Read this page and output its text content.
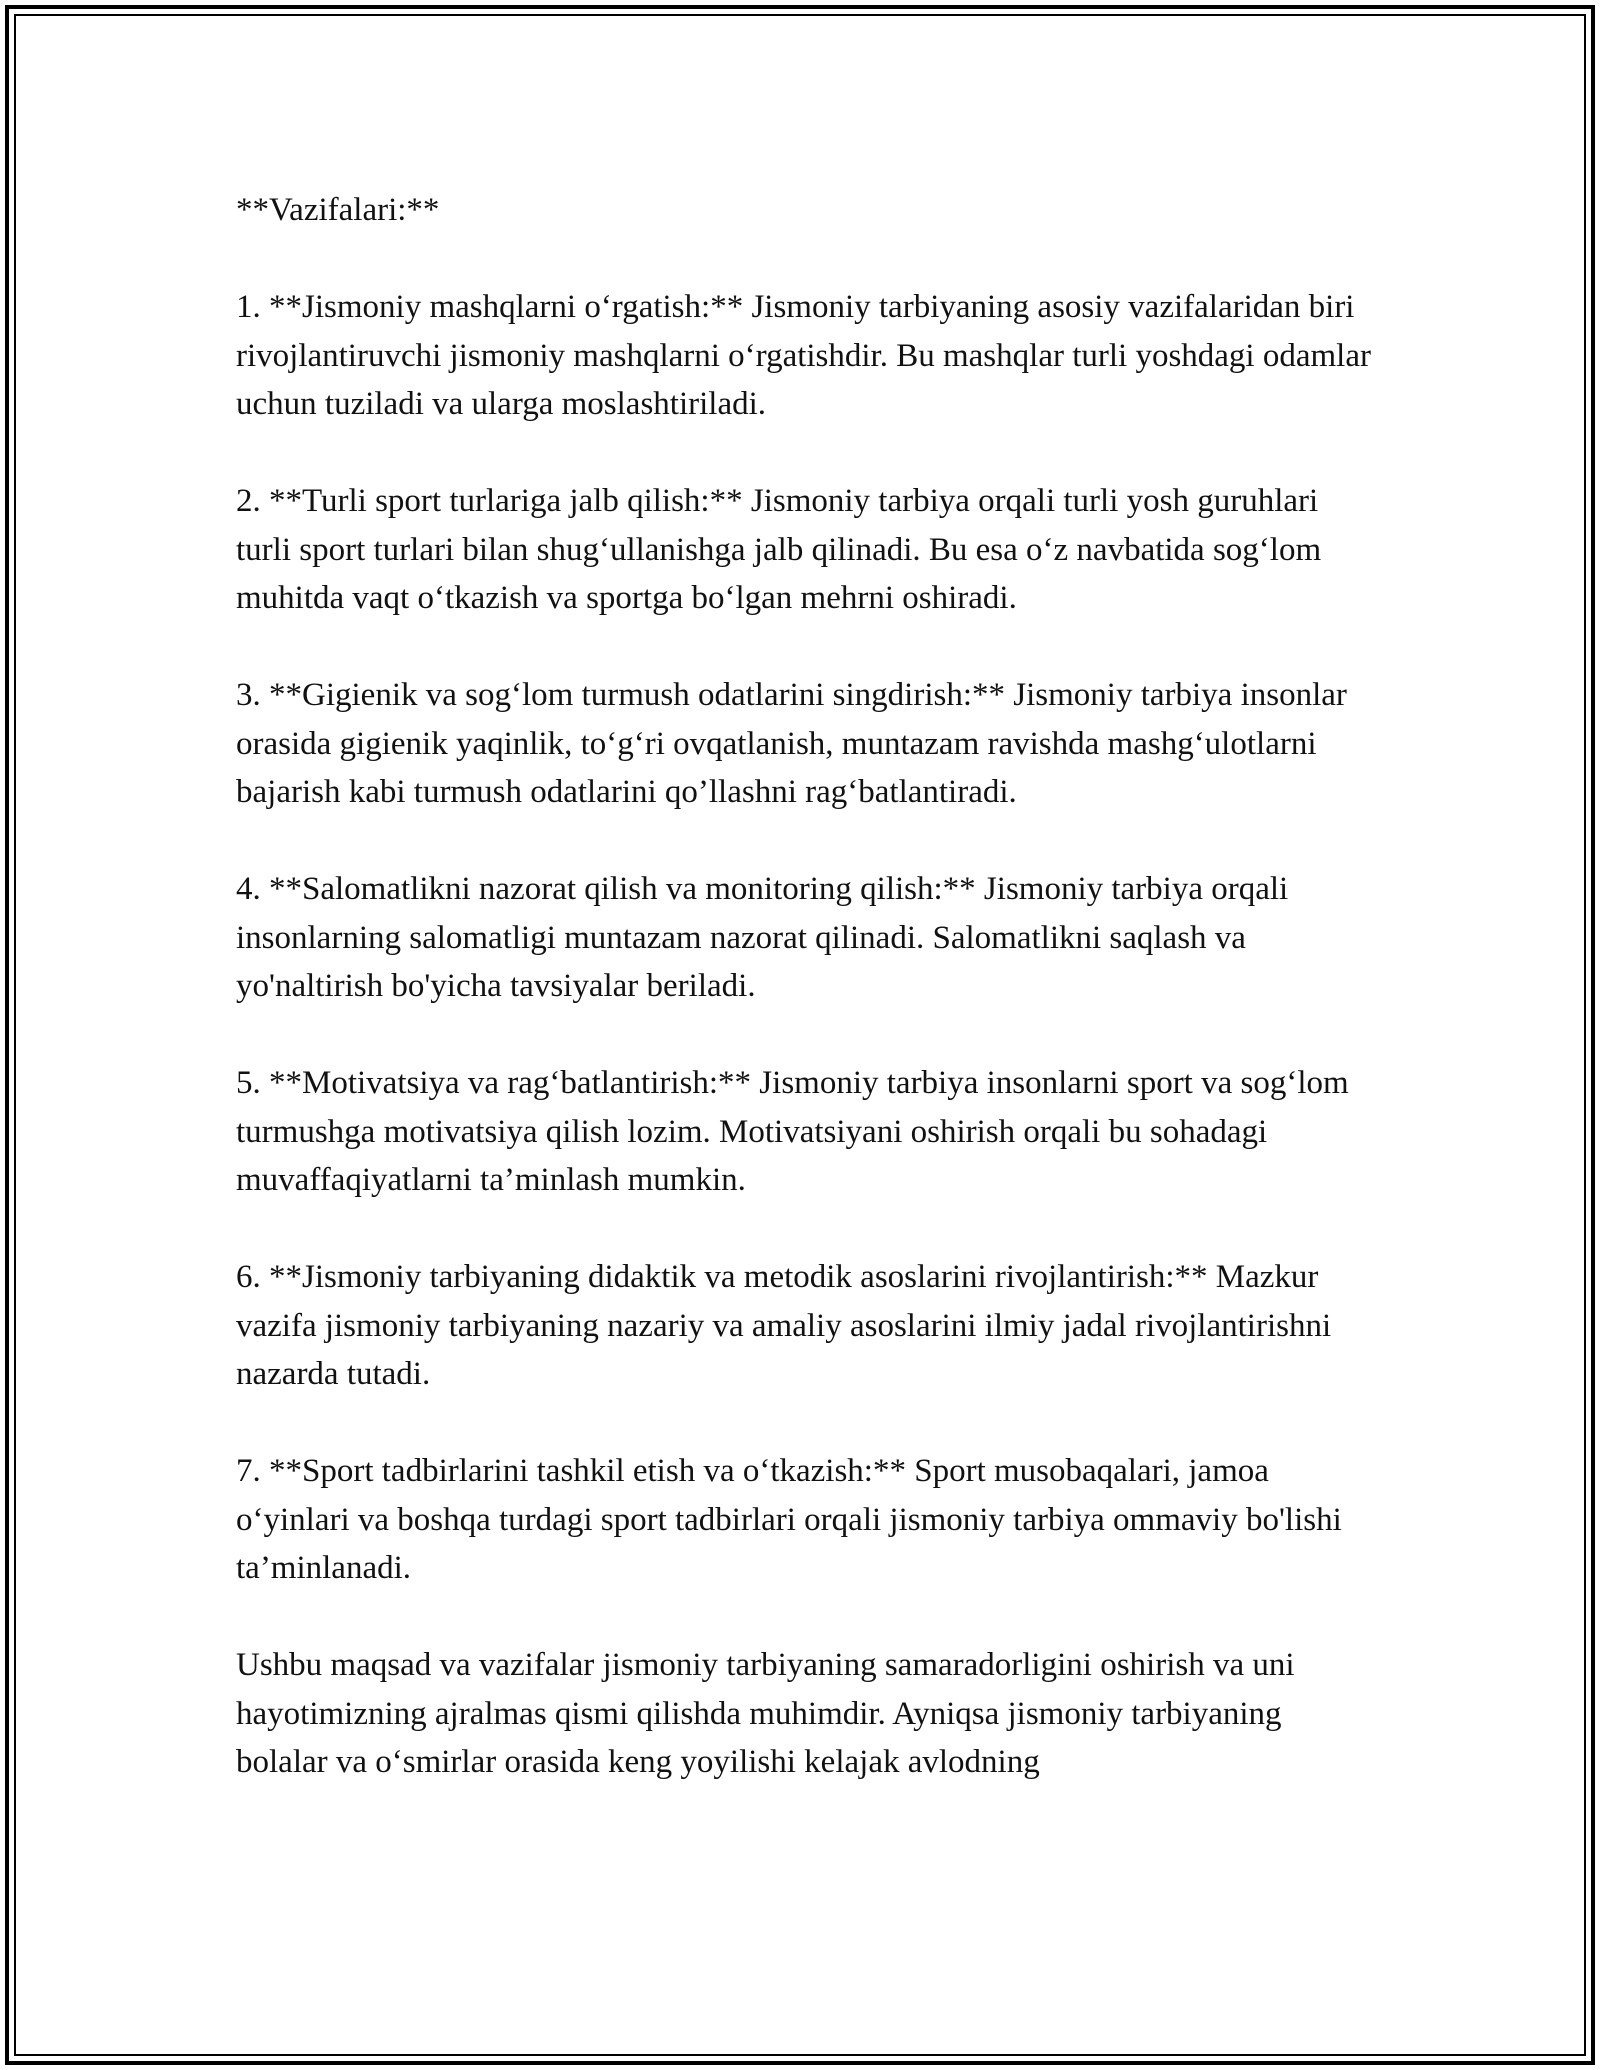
**Vazifalari:**

1. **Jismoniy mashqlarni o‘rgatish:** Jismoniy tarbiyaning asosiy vazifalaridan biri rivojlantiruvchi jismoniy mashqlarni o‘rgatishdir. Bu mashqlar turli yoshdagi odamlar uchun tuziladi va ularga moslashtiriladi.

2. **Turli sport turlariga jalb qilish:** Jismoniy tarbiya orqali turli yosh guruhlari turli sport turlari bilan shug‘ullanishga jalb qilinadi. Bu esa o‘z navbatida sog‘lom muhitda vaqt o‘tkazish va sportga bo‘lgan mehrni oshiradi.

3. **Gigienik va sog‘lom turmush odatlarini singdirish:** Jismoniy tarbiya insonlar orasida gigienik yaqinlik, to‘g‘ri ovqatlanish, muntazam ravishda mashg‘ulotlarni bajarish kabi turmush odatlarini qo’llashni rag‘batlantiradi.

4. **Salomatlikni nazorat qilish va monitoring qilish:** Jismoniy tarbiya orqali insonlarning salomatligi muntazam nazorat qilinadi. Salomatlikni saqlash va yo'naltirish bo'yicha tavsiyalar beriladi.

5. **Motivatsiya va rag‘batlantirish:** Jismoniy tarbiya insonlarni sport va sog‘lom turmushga motivatsiya qilish lozim. Motivatsiyani oshirish orqali bu sohadagi muvaffaqiyatlarni ta’minlash mumkin.

6. **Jismoniy tarbiyaning didaktik va metodik asoslarini rivojlantirish:** Mazkur vazifa jismoniy tarbiyaning nazariy va amaliy asoslarini ilmiy jadal rivojlantirishni nazarda tutadi.

7. **Sport tadbirlarini tashkil etish va o‘tkazish:** Sport musobaqalari, jamoa o‘yinlari va boshqa turdagi sport tadbirlari orqali jismoniy tarbiya ommaviy bo'lishi ta’minlanadi.

Ushbu maqsad va vazifalar jismoniy tarbiyaning samaradorligini oshirish va uni hayotimizning ajralmas qismi qilishda muhimdir. Ayniqsa jismoniy tarbiyaning bolalar va o‘smirlar orasida keng yoyilishi kelajak avlodning
